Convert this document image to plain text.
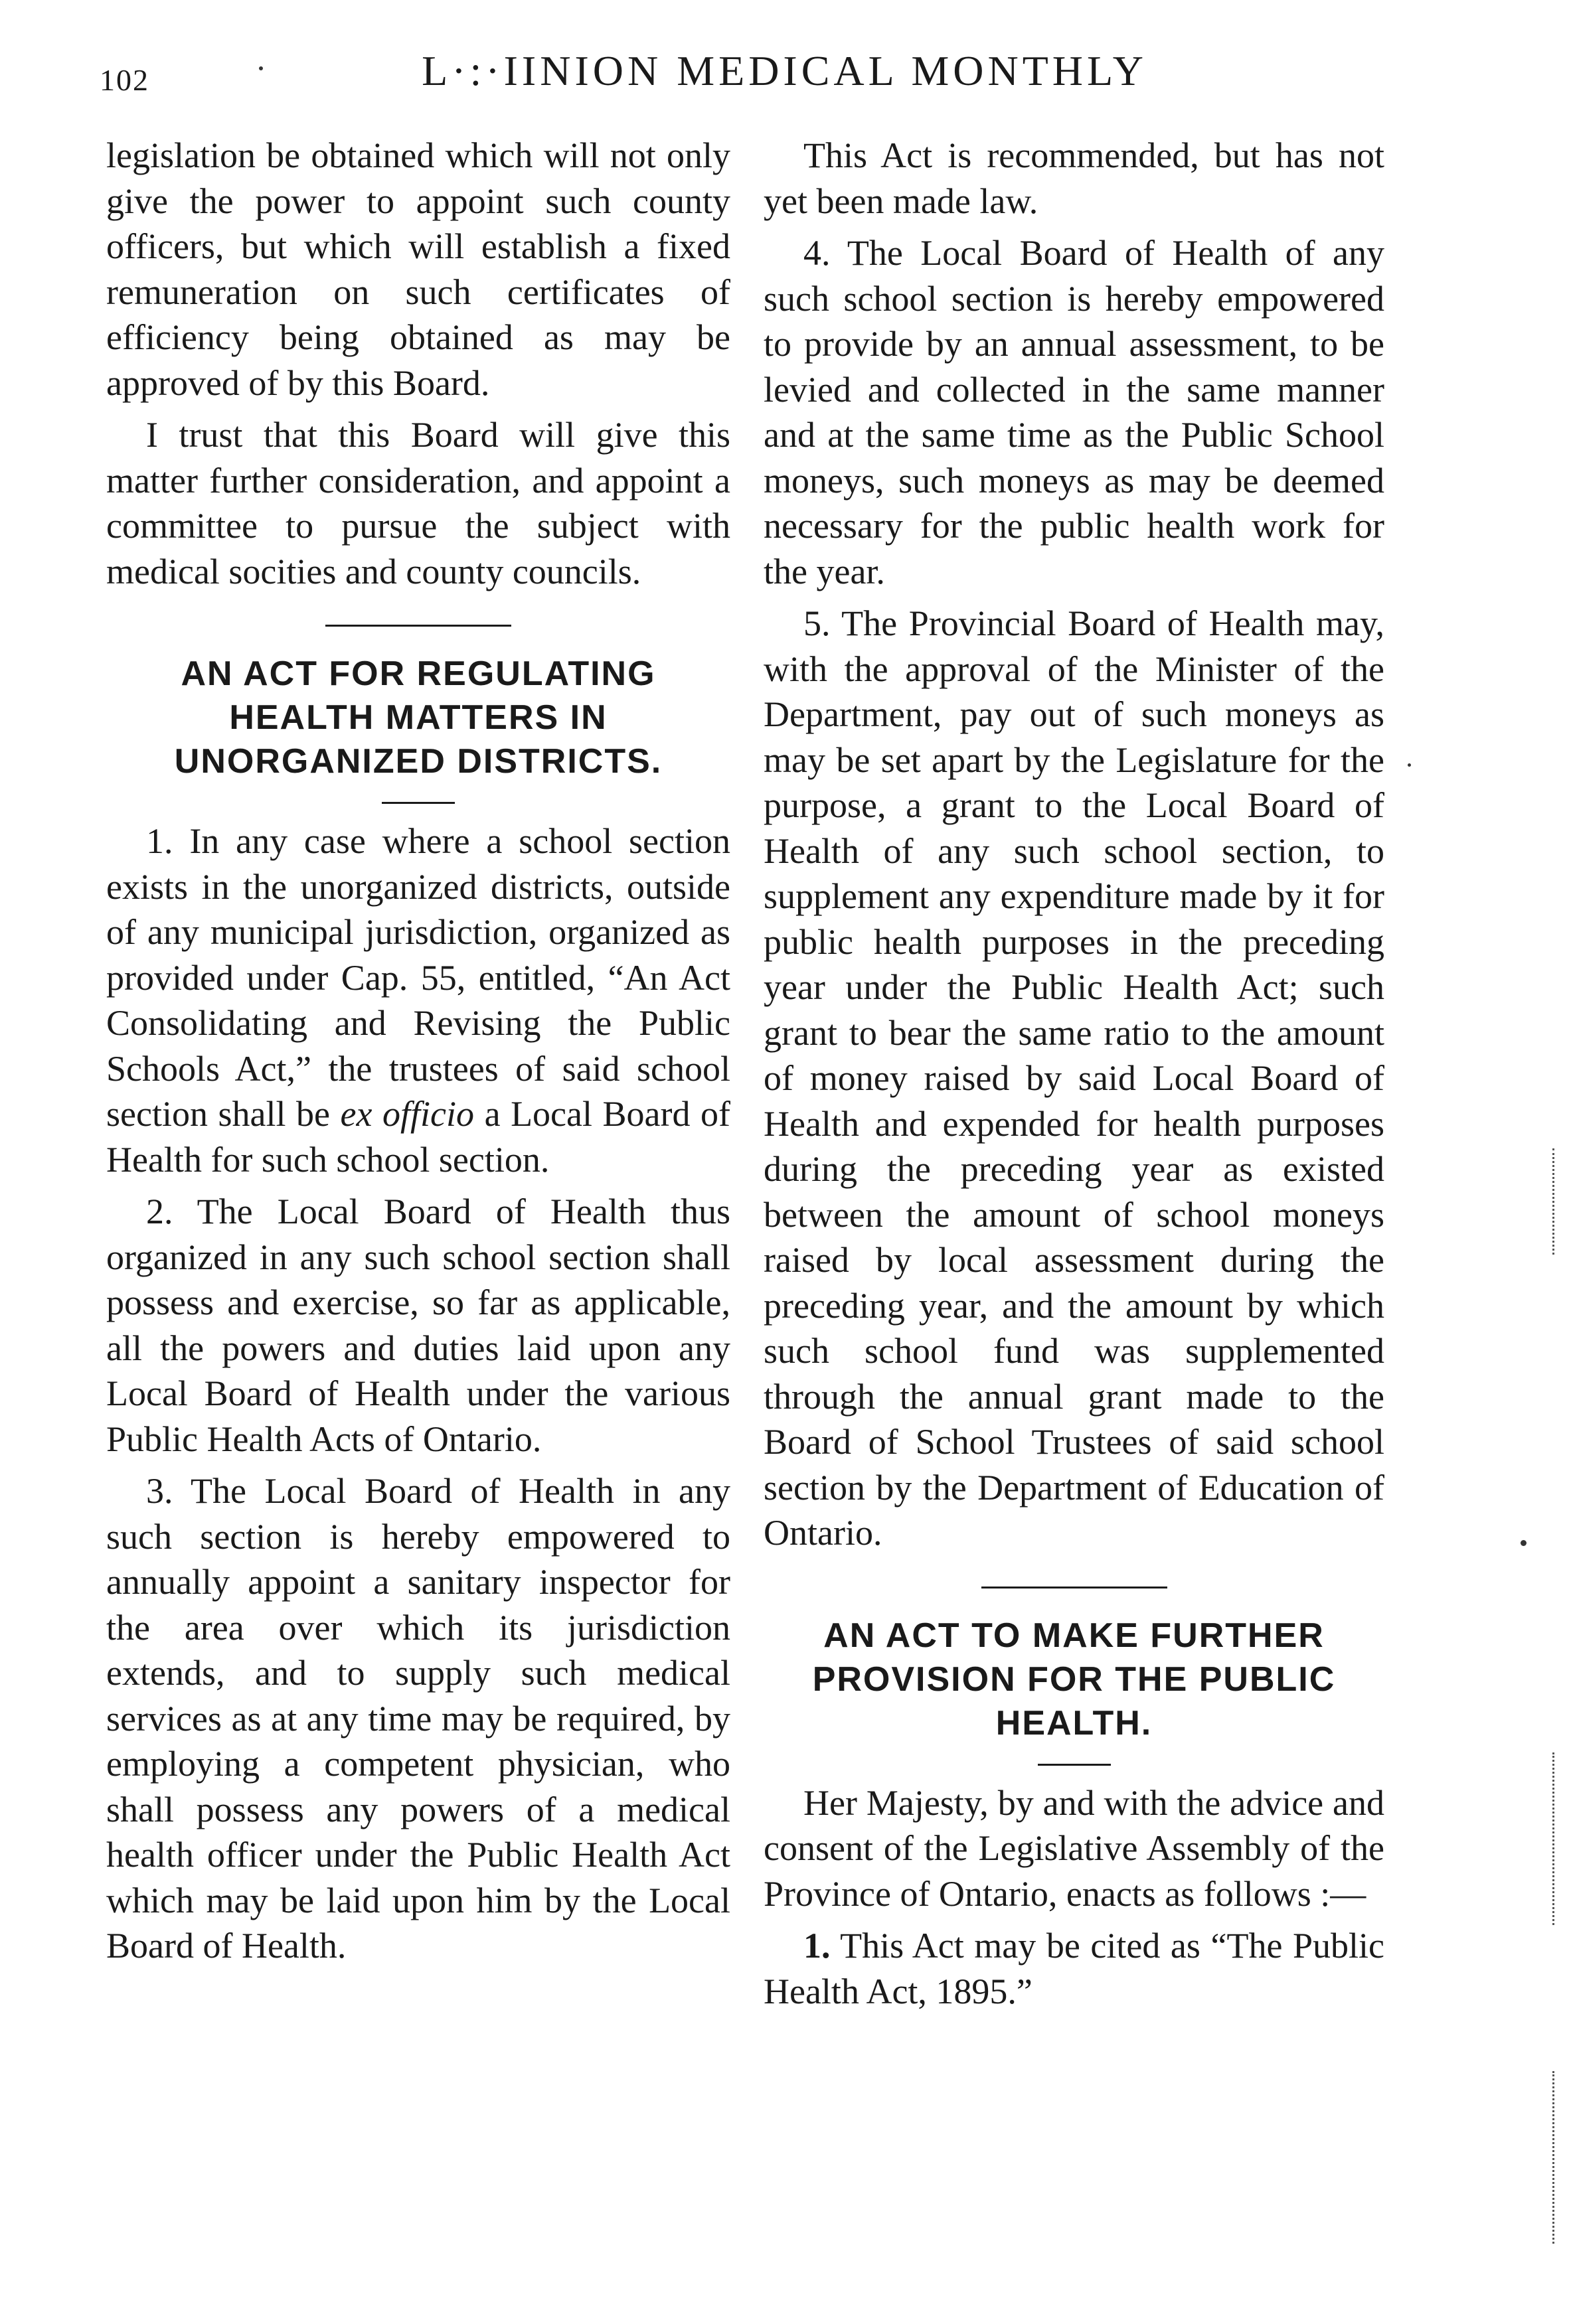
102	L·:·IINION MEDICAL MONTHLY

legislation be obtained which will not only give the power to appoint such county officers, but which will establish a fixed remuneration on such certificates of efficiency being obtained as may be approved of by this Board.

I trust that this Board will give this matter further consideration, and appoint a committee to pursue the subject with medical socities and county councils.

AN ACT FOR REGULATING HEALTH MATTERS IN UNORGANIZED DISTRICTS.

1. In any case where a school section exists in the unorganized districts, outside of any municipal jurisdiction, organized as provided under Cap. 55, entitled, “An Act Consolidating and Revising the Public Schools Act,” the trustees of said school section shall be ex officio a Local Board of Health for such school section.

2. The Local Board of Health thus organized in any such school section shall possess and exercise, so far as applicable, all the powers and duties laid upon any Local Board of Health under the various Public Health Acts of Ontario.

3. The Local Board of Health in any such section is hereby empowered to annually appoint a sanitary inspector for the area over which its jurisdiction extends, and to supply such medical services as at any time may be required, by employing a competent physician, who shall possess any powers of a medical health officer under the Public Health Act which may be laid upon him by the Local Board of Health.

This Act is recommended, but has not yet been made law.

4. The Local Board of Health of any such school section is hereby empowered to provide by an annual assessment, to be levied and collected in the same manner and at the same time as the Public School moneys, such moneys as may be deemed necessary for the public health work for the year.

5. The Provincial Board of Health may, with the approval of the Minister of the Department, pay out of such moneys as may be set apart by the Legislature for the purpose, a grant to the Local Board of Health of any such school section, to supplement any expenditure made by it for public health purposes in the preceding year under the Public Health Act; such grant to bear the same ratio to the amount of money raised by said Local Board of Health and expended for health purposes during the preceding year as existed between the amount of school moneys raised by local assessment during the preceding year, and the amount by which such school fund was supplemented through the annual grant made to the Board of School Trustees of said school section by the Department of Education of Ontario.

AN ACT TO MAKE FURTHER PROVISION FOR THE PUBLIC HEALTH.

Her Majesty, by and with the advice and consent of the Legislative Assembly of the Province of Ontario, enacts as follows :—

1. This Act may be cited as “The Public Health Act, 1895.”
